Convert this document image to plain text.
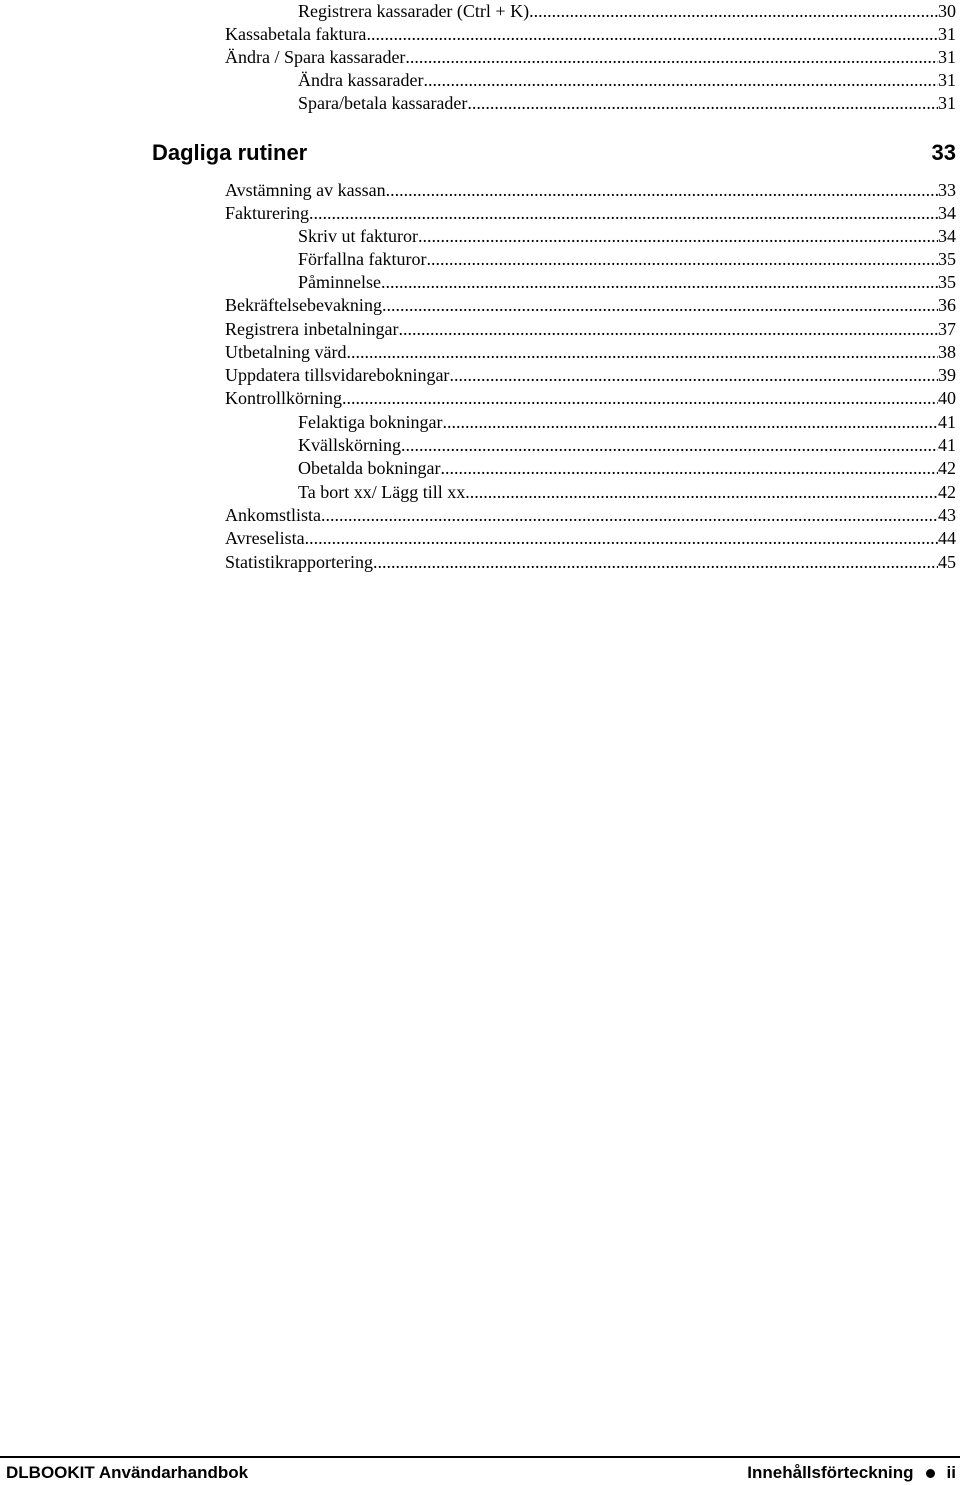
Registrera kassarader (Ctrl + K) .....	30
Kassabetala faktura .....	31
Ändra / Spara kassarader .....	31
Ändra kassarader .....	31
Spara/betala kassarader .....	31
Dagliga rutiner	33
Avstämning av kassan .....	33
Fakturering .....	34
Skriv ut fakturor .....	34
Förfallna fakturor .....	35
Påminnelse .....	35
Bekräftelsebevakning .....	36
Registrera inbetalningar .....	37
Utbetalning värd .....	38
Uppdatera tillsvidarebokningar .....	39
Kontrollkörning .....	40
Felaktiga bokningar .....	41
Kvällskörning .....	41
Obetalda bokningar .....	42
Ta bort xx/ Lägg till xx .....	42
Ankomstlista .....	43
Avreselista .....	44
Statistikrapportering .....	45
DLBOOKIT Användarhandbok	Innehållsförteckning ii
